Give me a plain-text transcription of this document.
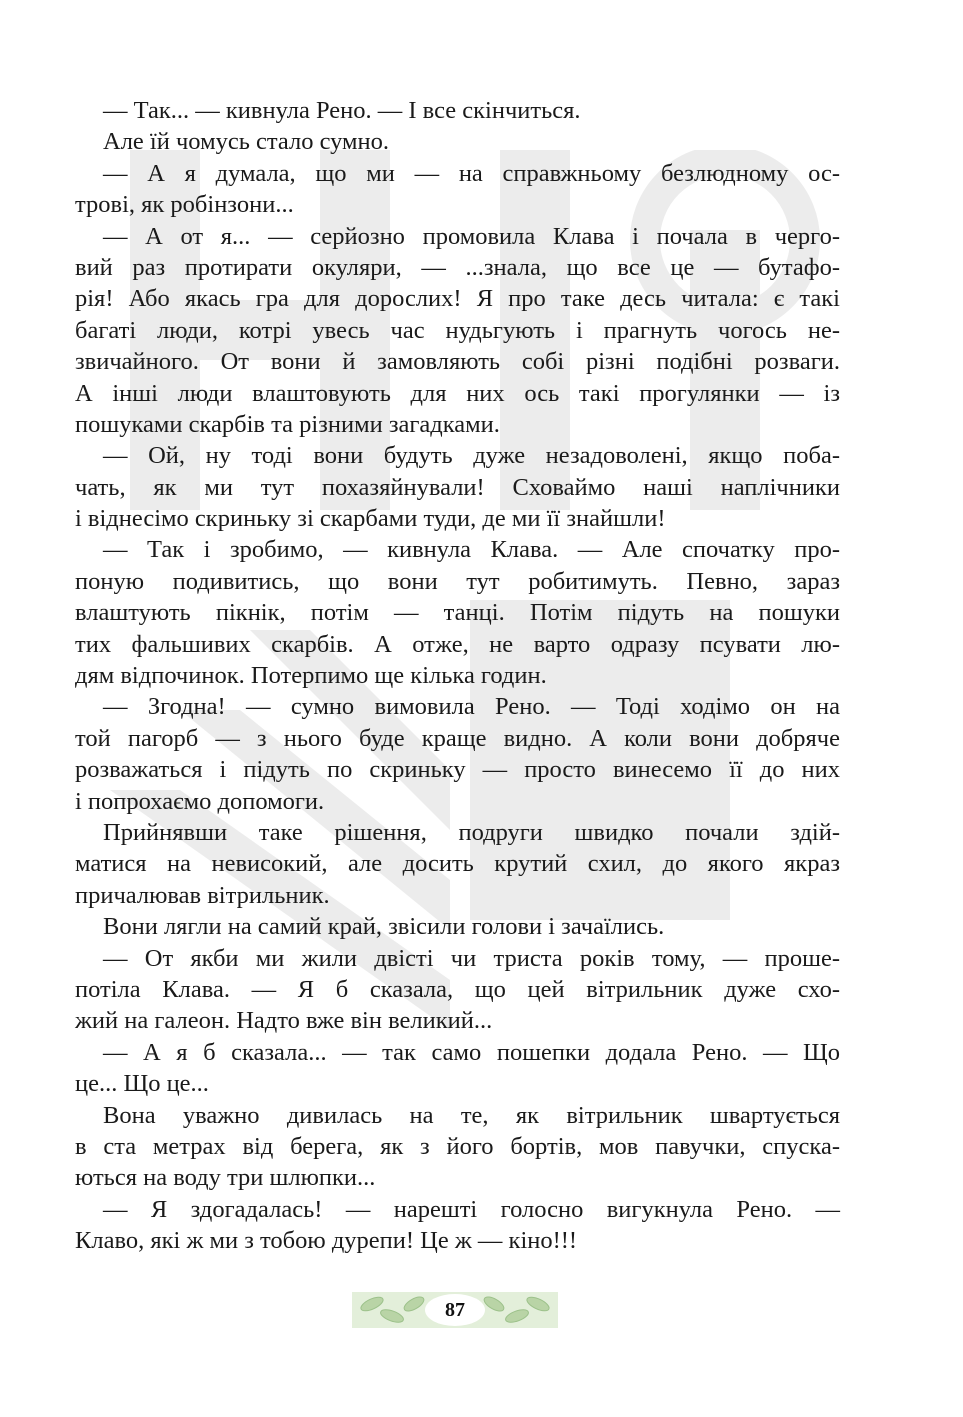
— Так... — кивнула Рено. — І все скінчиться.
Але їй чомусь стало сумно.
— А я думала, що ми — на справжньому безлюдному ос-
трові, як робінзони...
— А от я... — серйозно промовила Клава і почала в черго-
вий раз протирати окуляри, — ...знала, що все це — бутафо-
рія! Або якась гра для дорослих! Я про таке десь читала: є такі
багаті люди, котрі увесь час нудьгують і прагнуть чогось не-
звичайного. От вони й замовляють собі різні подібні розваги.
А інші люди влаштовують для них ось такі прогулянки — із
пошуками скарбів та різними загадками.
— Ой, ну тоді вони будуть дуже незадоволені, якщо поба-
чать, як ми тут похазяйнували! Сховаймо наші наплічники
і віднесімо скриньку зі скарбами туди, де ми її знайшли!
— Так і зробимо, — кивнула Клава. — Але спочатку про-
поную подивитись, що вони тут робитимуть. Певно, зараз
влаштують пікнік, потім — танці. Потім підуть на пошуки
тих фальшивих скарбів. А отже, не варто одразу псувати лю-
дям відпочинок. Потерпимо ще кілька годин.
— Згодна! — сумно вимовила Рено. — Тоді ходімо он на
той пагорб — з нього буде краще видно. А коли вони добряче
розважаться і підуть по скриньку — просто винесемо її до них
і попрохаємо допомоги.
Прийнявши таке рішення, подруги швидко почали здій-
матися на невисокий, але досить крутий схил, до якого якраз
причалював вітрильник.
Вони лягли на самий край, звісили голови і зачаїлись.
— От якби ми жили двісті чи триста років тому, — проше-
потіла Клава. — Я б сказала, що цей вітрильник дуже схо-
жий на галеон. Надто вже він великий...
— А я б сказала... — так само пошепки додала Рено. — Що
це... Що це...
Вона уважно дивилась на те, як вітрильник швартується
в ста метрах від берега, як з його бортів, мов павучки, спуска-
ються на воду три шлюпки...
— Я здогадалась! — нарешті голосно вигукнула Рено. —
Клаво, які ж ми з тобою дурепи! Це ж — кіно!!!
87
